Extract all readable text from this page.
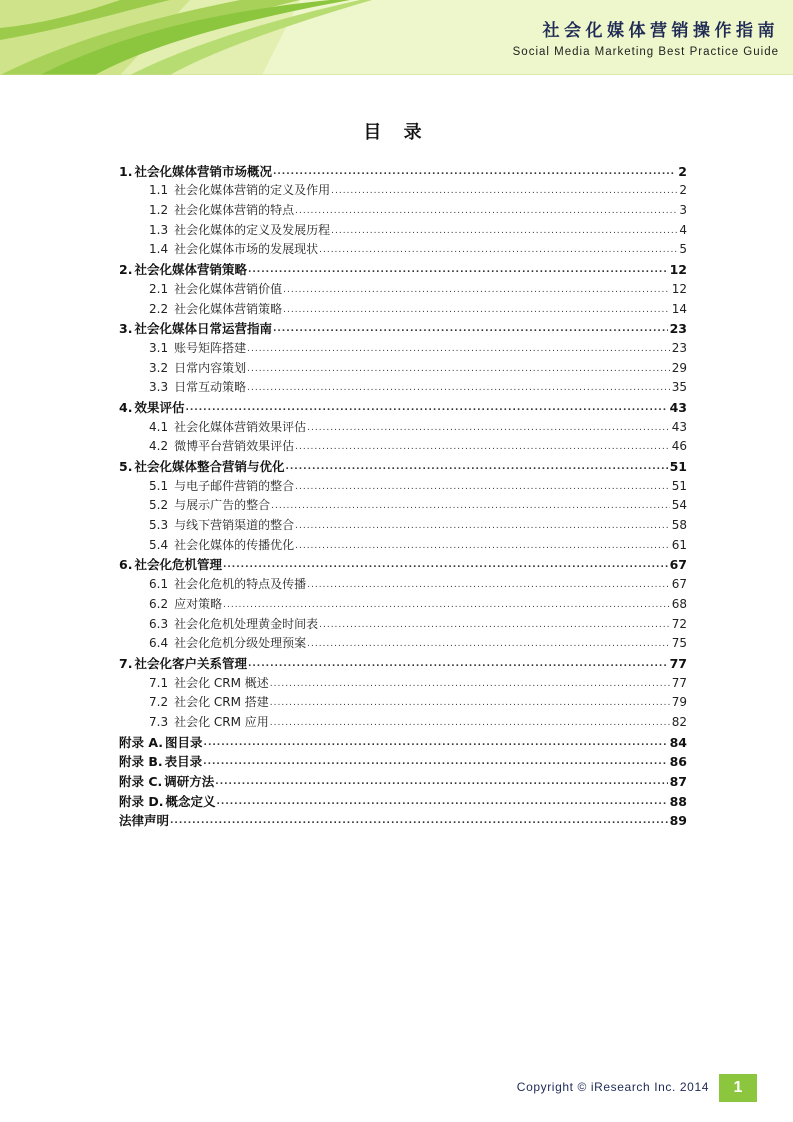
社会化媒体营销操作指南
Social Media Marketing Best Practice Guide
目 录
1. 社会化媒体营销市场概况 .....	2
1.1 社会化媒体营销的定义及作用 .....	2
1.2 社会化媒体营销的特点 .....	3
1.3 社会化媒体的定义及发展历程 .....	4
1.4 社会化媒体市场的发展现状 .....	5
2. 社会化媒体营销策略 .....	12
2.1 社会化媒体营销价值 .....	12
2.2 社会化媒体营销策略 .....	14
3. 社会化媒体日常运营指南 .....	23
3.1 账号矩阵搭建 .....	23
3.2 日常内容策划 .....	29
3.3 日常互动策略 .....	35
4. 效果评估 .....	43
4.1 社会化媒体营销效果评估 .....	43
4.2 微博平台营销效果评估 .....	46
5. 社会化媒体整合营销与优化 .....	51
5.1 与电子邮件营销的整合 .....	51
5.2 与展示广告的整合 .....	54
5.3 与线下营销渠道的整合 .....	58
5.4 社会化媒体的传播优化 .....	61
6. 社会化危机管理 .....	67
6.1 社会化危机的特点及传播 .....	67
6.2 应对策略 .....	68
6.3 社会化危机处理黄金时间表 .....	72
6.4 社会化危机分级处理预案 .....	75
7. 社会化客户关系管理 .....	77
7.1 社会化 CRM 概述 .....	77
7.2 社会化 CRM 搭建 .....	79
7.3 社会化 CRM 应用 .....	82
附录 A. 图目录 .....	84
附录 B. 表目录 .....	86
附录 C. 调研方法 .....	87
附录 D. 概念定义 .....	88
法律声明 .....	89
Copyright © iResearch Inc. 2014	1
